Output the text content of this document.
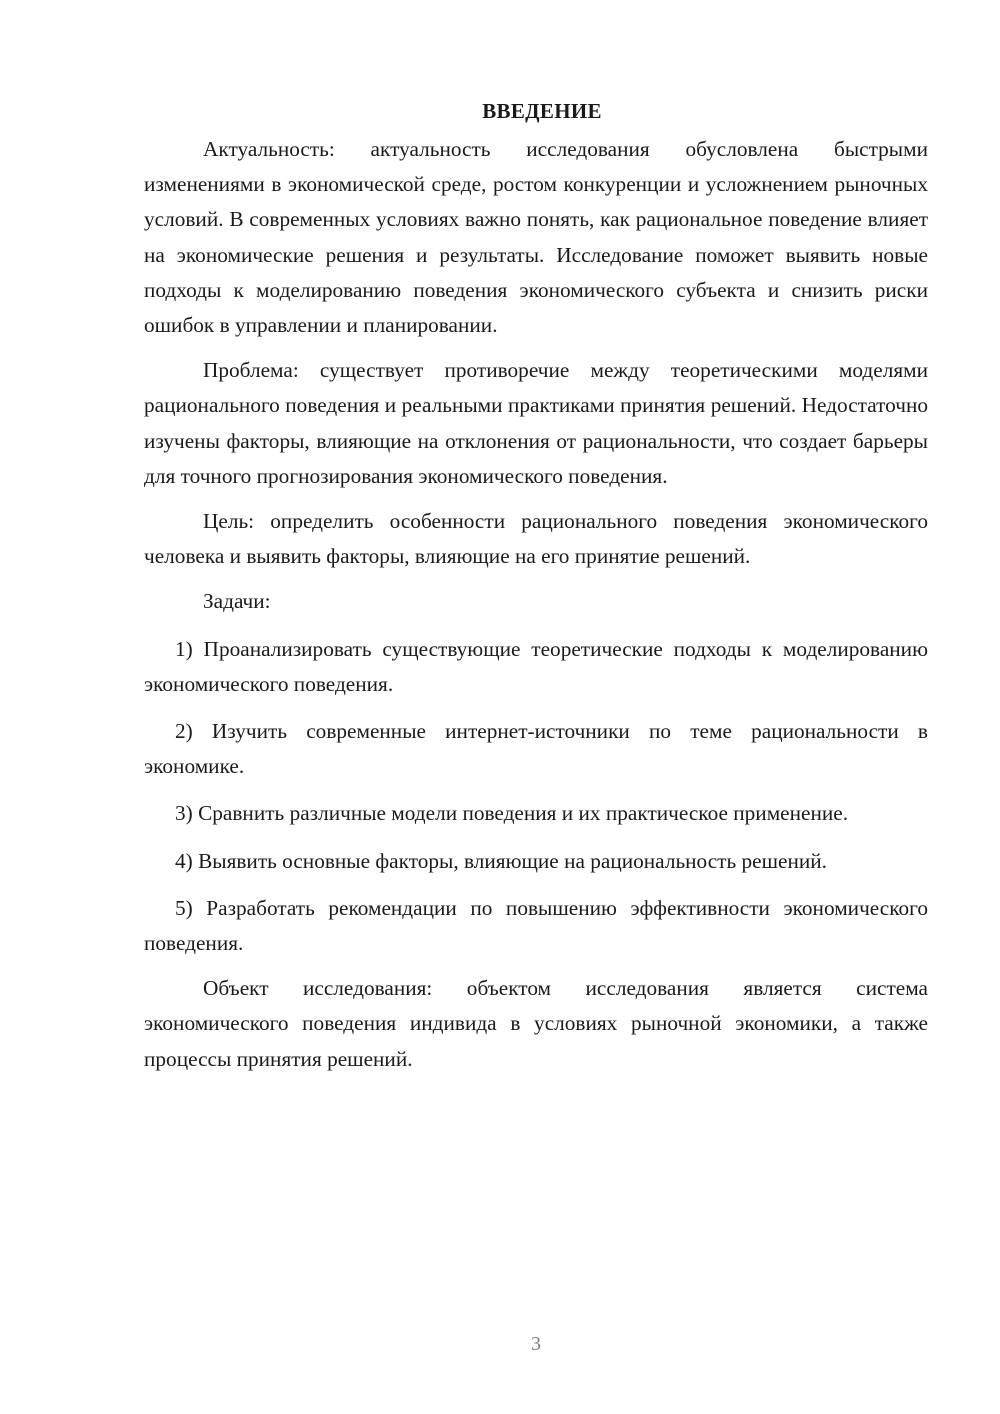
ВВЕДЕНИЕ

Актуальность: актуальность исследования обусловлена быстрыми изменениями в экономической среде, ростом конкуренции и усложнением рыночных условий. В современных условиях важно понять, как рациональное поведение влияет на экономические решения и результаты. Исследование поможет выявить новые подходы к моделированию поведения экономического субъекта и снизить риски ошибок в управлении и планировании.

Проблема: существует противоречие между теоретическими моделями рационального поведения и реальными практиками принятия решений. Недостаточно изучены факторы, влияющие на отклонения от рациональности, что создает барьеры для точного прогнозирования экономического поведения.

Цель: определить особенности рационального поведения экономического человека и выявить факторы, влияющие на его принятие решений.

Задачи:

1) Проанализировать существующие теоретические подходы к моделированию экономического поведения.

2) Изучить современные интернет-источники по теме рациональности в экономике.

3) Сравнить различные модели поведения и их практическое применение.

4) Выявить основные факторы, влияющие на рациональность решений.

5) Разработать рекомендации по повышению эффективности экономического поведения.

Объект исследования: объектом исследования является система экономического поведения индивида в условиях рыночной экономики, а также процессы принятия решений.

3
